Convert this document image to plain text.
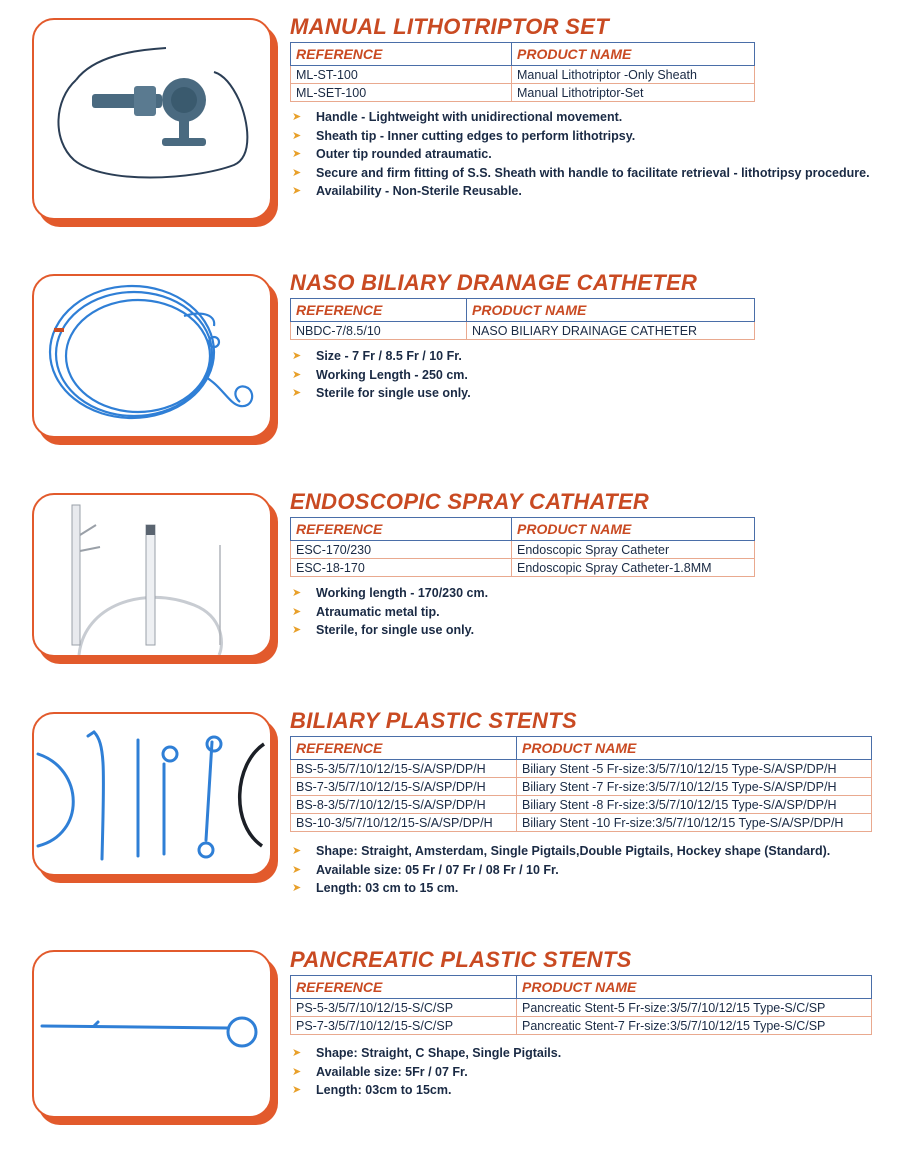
MANUAL LITHOTRIPTOR SET
REFERENCE	PRODUCT NAME
ML-ST-100	Manual Lithotriptor -Only Sheath
ML-SET-100	Manual Lithotriptor-Set
➤ Handle - Lightweight with unidirectional movement.
➤ Sheath tip - Inner cutting edges to perform lithotripsy.
➤ Outer tip rounded atraumatic.
➤ Secure and firm fitting of S.S. Sheath with handle to facilitate retrieval - lithotripsy procedure.
➤ Availability - Non-Sterile Reusable.
NASO BILIARY DRANAGE CATHETER
REFERENCE	PRODUCT NAME
NBDC-7/8.5/10	NASO BILIARY DRAINAGE CATHETER
➤ Size - 7 Fr / 8.5 Fr / 10 Fr.
➤ Working Length - 250 cm.
➤ Sterile for single use only.
ENDOSCOPIC SPRAY CATHATER
REFERENCE	PRODUCT NAME
ESC-170/230	Endoscopic Spray Catheter
ESC-18-170	Endoscopic Spray Catheter-1.8MM
➤ Working length - 170/230 cm.
➤ Atraumatic metal tip.
➤ Sterile, for single use only.
BILIARY PLASTIC STENTS
REFERENCE	PRODUCT NAME
BS-5-3/5/7/10/12/15-S/A/SP/DP/H	Biliary Stent -5 Fr-size:3/5/7/10/12/15 Type-S/A/SP/DP/H
BS-7-3/5/7/10/12/15-S/A/SP/DP/H	Biliary Stent -7 Fr-size:3/5/7/10/12/15 Type-S/A/SP/DP/H
BS-8-3/5/7/10/12/15-S/A/SP/DP/H	Biliary Stent -8 Fr-size:3/5/7/10/12/15 Type-S/A/SP/DP/H
BS-10-3/5/7/10/12/15-S/A/SP/DP/H	Biliary Stent -10 Fr-size:3/5/7/10/12/15 Type-S/A/SP/DP/H
➤ Shape: Straight, Amsterdam, Single Pigtails,Double Pigtails, Hockey shape (Standard).
➤ Available size: 05 Fr / 07 Fr / 08 Fr / 10 Fr.
➤ Length: 03 cm to 15 cm.
PANCREATIC PLASTIC STENTS
REFERENCE	PRODUCT NAME
PS-5-3/5/7/10/12/15-S/C/SP	Pancreatic Stent-5 Fr-size:3/5/7/10/12/15 Type-S/C/SP
PS-7-3/5/7/10/12/15-S/C/SP	Pancreatic Stent-7 Fr-size:3/5/7/10/12/15 Type-S/C/SP
➤ Shape: Straight, C Shape, Single Pigtails.
➤ Available size: 5Fr / 07 Fr.
➤ Length: 03cm to 15cm.
